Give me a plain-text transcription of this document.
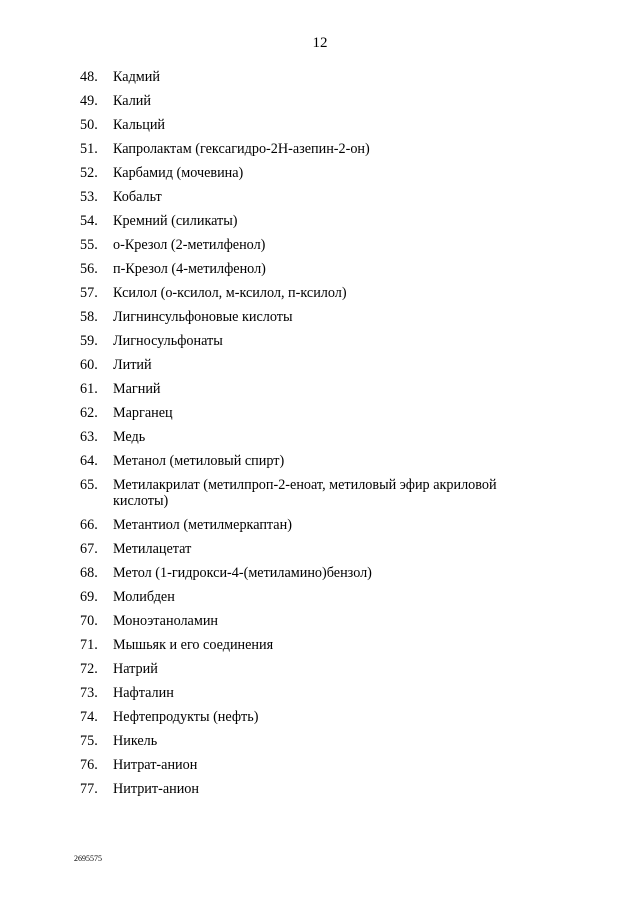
12
48.	Кадмий
49.	Калий
50.	Кальций
51.	Капролактам (гексагидро-2Н-азепин-2-он)
52.	Карбамид (мочевина)
53.	Кобальт
54.	Кремний (силикаты)
55.	о-Крезол (2-метилфенол)
56.	п-Крезол (4-метилфенол)
57.	Ксилол (о-ксилол, м-ксилол, п-ксилол)
58.	Лигнинсульфоновые кислоты
59.	Лигносульфонаты
60.	Литий
61.	Магний
62.	Марганец
63.	Медь
64.	Метанол (метиловый спирт)
65.	Метилакрилат (метилпроп-2-еноат, метиловый эфир акриловой кислоты)
66.	Метантиол (метилмеркаптан)
67.	Метилацетат
68.	Метол (1-гидрокси-4-(метиламино)бензол)
69.	Молибден
70.	Моноэтаноламин
71.	Мышьяк и его соединения
72.	Натрий
73.	Нафталин
74.	Нефтепродукты (нефть)
75.	Никель
76.	Нитрат-анион
77.	Нитрит-анион
2695575
